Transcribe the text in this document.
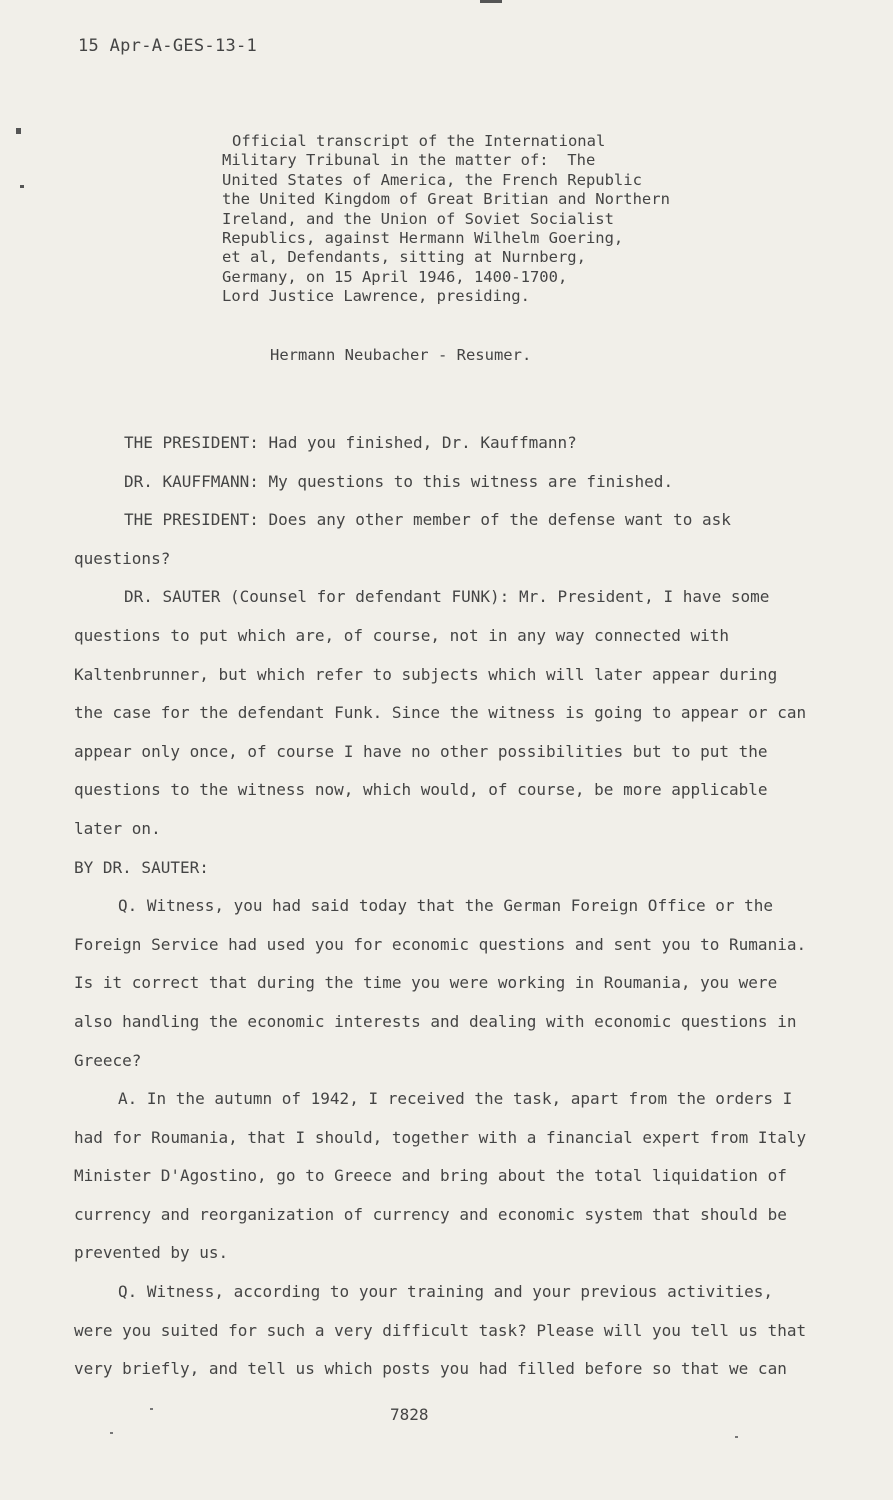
15 Apr-A-GES-13-1
Official transcript of the International
Military Tribunal in the matter of:  The
United States of America, the French Republic
the United Kingdom of Great Britian and Northern
Ireland, and the Union of Soviet Socialist
Republics, against Hermann Wilhelm Goering,
et al, Defendants, sitting at Nurnberg,
Germany, on 15 April 1946, 1400-1700,
Lord Justice Lawrence, presiding.
Hermann Neubacher - Resumer.

THE PRESIDENT: Had you finished, Dr. Kauffmann?

DR. KAUFFMANN: My questions to this witness are finished.

THE PRESIDENT: Does any other member of the defense want to ask questions?

DR. SAUTER (Counsel for defendant FUNK): Mr. President, I have some questions to put which are, of course, not in any way connected with Kaltenbrunner, but which refer to subjects which will later appear during the case for the defendant Funk. Since the witness is going to appear or can appear only once, of course I have no other possibilities but to put the questions to the witness now, which would, of course, be more applicable later on.

BY DR. SAUTER:

Q. Witness, you had said today that the German Foreign Office or the Foreign Service had used you for economic questions and sent you to Rumania. Is it correct that during the time you were working in Roumania, you were also handling the economic interests and dealing with economic questions in Greece?

A. In the autumn of 1942, I received the task, apart from the orders I had for Roumania, that I should, together with a financial expert from Italy Minister D'Agostino, go to Greece and bring about the total liquidation of currency and reorganization of currency and economic system that should be prevented by us.

Q. Witness, according to your training and your previous activities, were you suited for such a very difficult task? Please will you tell us that very briefly, and tell us which posts you had filled before so that we can

7828
